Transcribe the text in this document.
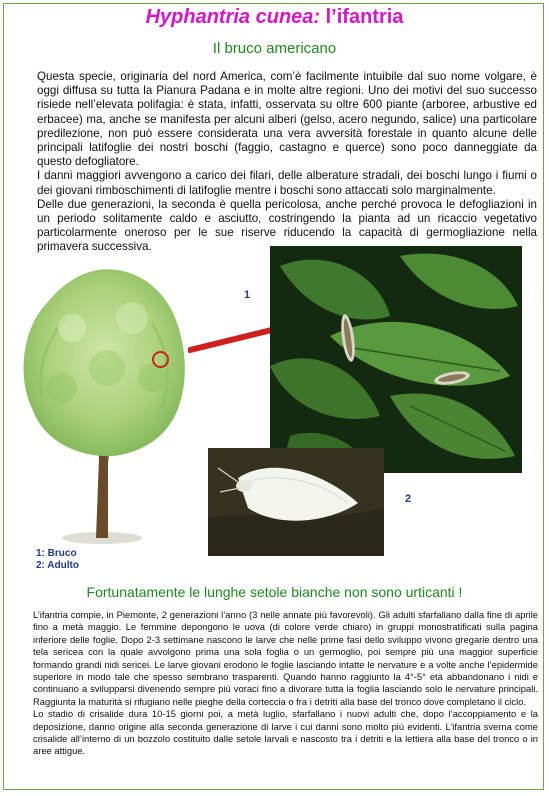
Hyphantria cunea: l’ifantria
Il bruco americano

Questa specie, originaria del nord America, com’è facilmente intuibile dal suo nome volgare, è oggi diffusa su tutta la Pianura Padana e in molte altre regioni. Uno dei motivi del suo successo risiede nell’elevata polifagia: è stata, infatti, osservata su oltre 600 piante (arboree, arbustive ed erbacee) ma, anche se manifesta per alcuni alberi (gelso, acero negundo, salice) una particolare predilezione, non può essere considerata una vera avversità forestale in quanto alcune delle principali latifoglie dei nostri boschi (faggio, castagno e querce) sono poco danneggiate da questo defogliatore.

I danni maggiori avvengono a carico dei filari, delle alberature stradali, dei boschi lungo i fiumi o dei giovani rimboschimenti di latifoglie mentre i boschi sono attaccati solo marginalmente.

Delle due generazioni, la seconda è quella pericolosa, anche perché provoca le defogliazioni in un periodo solitamente caldo e asciutto, costringendo la pianta ad un ricaccio vegetativo particolarmente oneroso per le sue riserve riducendo la capacità di germogliazione nella primavera successiva.

1
2
1: Bruco
2: Adulto
Fortunatamente le lunghe setole bianche non sono urticanti !

L’ifantria compie, in Piemonte, 2 generazioni l’anno (3 nelle annate più favorevoli). Gli adulti sfarfallano dalla fine di aprile fino a metà maggio. Le femmine depongono le uova (di colore verde chiaro) in gruppi monostratificati sulla pagina inferiore delle foglie. Dopo 2-3 settimane nascono le larve che nelle prime fasi dello sviluppo vivono gregarie dentro una tela sericea con la quale avvolgono prima una sola foglia o un germoglio, poi sempre più una maggior superficie formando grandi nidi sericei. Le larve giovani erodono le foglie lasciando intatte le nervature e a volte anche l’epidermide superiore in modo tale che spesso sembrano trasparenti. Quando hanno raggiunto la 4°-5° età abbandonano i nidi e continuano a svilupparsi divenendo sempre più voraci fino a divorare tutta la foglia lasciando solo le nervature principali. Raggiunta la maturità si rifugiano nelle pieghe della corteccia o fra i detriti alla base del tronco dove completano il ciclo.

Lo stadio di crisalide dura 10-15 giorni poi, a metà luglio, sfarfallano i nuovi adulti che, dopo l’accoppiamento e la deposizione, danno origine alla seconda generazione di larve i cui danni sono molto più evidenti. L’ifantria sverna come crisalide all’interno di un bozzolo costituito dalle setole larvali e nascosto tra i detriti e la lettiera alla base del tronco o in aree attigue.
